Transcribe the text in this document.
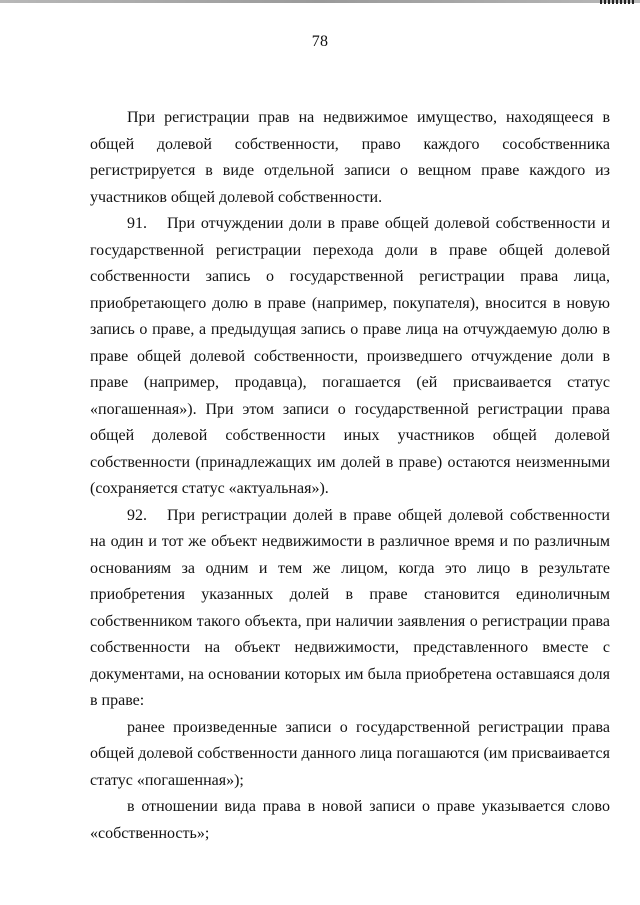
78

При регистрации прав на недвижимое имущество, находящееся в общей долевой собственности, право каждого сособственника регистрируется в виде отдельной записи о вещном праве каждого из участников общей долевой собственности.

91. При отчуждении доли в праве общей долевой собственности и государственной регистрации перехода доли в праве общей долевой собственности запись о государственной регистрации права лица, приобретающего долю в праве (например, покупателя), вносится в новую запись о праве, а предыдущая запись о праве лица на отчуждаемую долю в праве общей долевой собственности, произведшего отчуждение доли в праве (например, продавца), погашается (ей присваивается статус «погашенная»). При этом записи о государственной регистрации права общей долевой собственности иных участников общей долевой собственности (принадлежащих им долей в праве) остаются неизменными (сохраняется статус «актуальная»).

92. При регистрации долей в праве общей долевой собственности на один и тот же объект недвижимости в различное время и по различным основаниям за одним и тем же лицом, когда это лицо в результате приобретения указанных долей в праве становится единоличным собственником такого объекта, при наличии заявления о регистрации права собственности на объект недвижимости, представленного вместе с документами, на основании которых им была приобретена оставшаяся доля в праве:

ранее произведенные записи о государственной регистрации права общей долевой собственности данного лица погашаются (им присваивается статус «погашенная»);

в отношении вида права в новой записи о праве указывается слово «собственность»;
